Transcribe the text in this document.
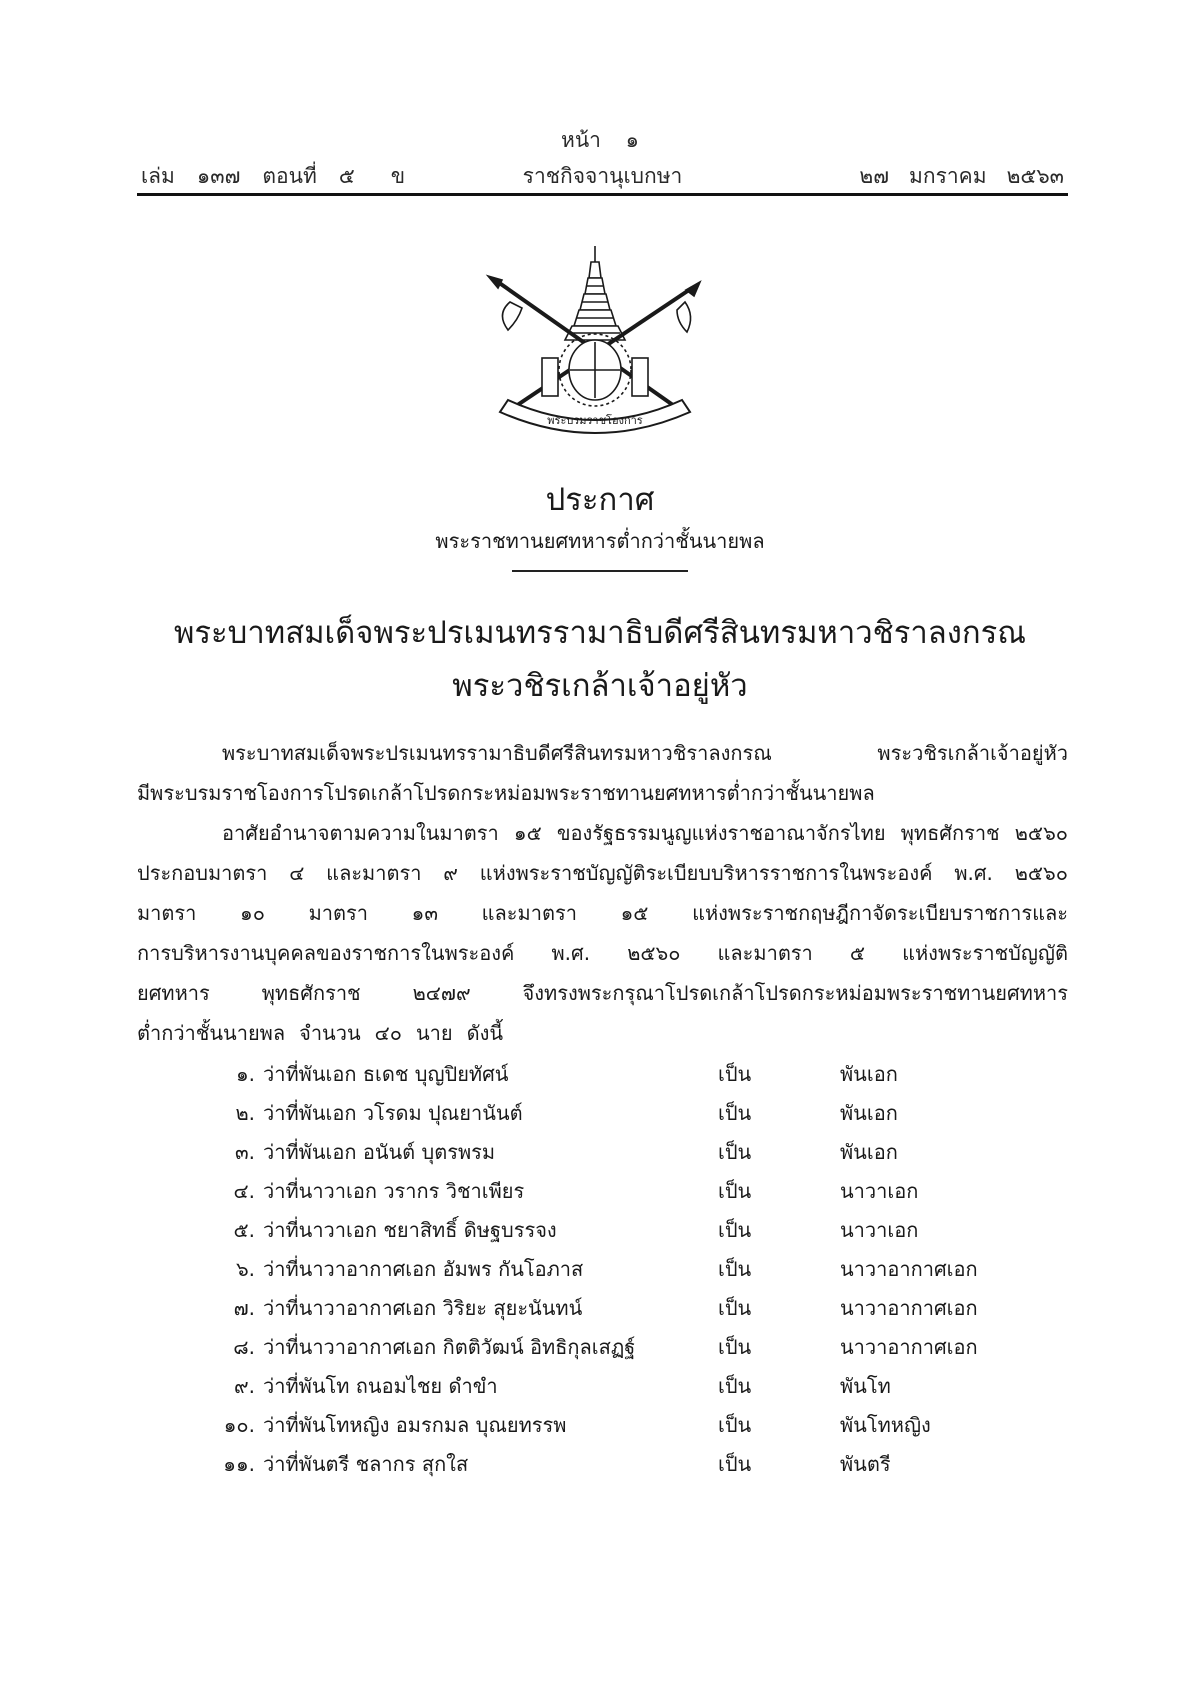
หน้า ๑
เล่ม ๑๓๗ ตอนที่ ๕ ข	ราชกิจจานุเบกษา	๒๗ มกราคม ๒๕๖๓
พระบรมราชโองการ
ประกาศ
พระราชทานยศทหารต่ำกว่าชั้นนายพล
พระบาทสมเด็จพระปรเมนทรรามาธิบดีศรีสินทรมหาวชิราลงกรณ
พระวชิรเกล้าเจ้าอยู่หัว
พระบาทสมเด็จพระปรเมนทรรามาธิบดีศรีสินทรมหาวชิราลงกรณ	พระวชิรเกล้าเจ้าอยู่หัว
มีพระบรมราชโองการโปรดเกล้าโปรดกระหม่อมพระราชทานยศทหารต่ำกว่าชั้นนายพล
อาศัยอำนาจตามความในมาตรา ๑๕ ของรัฐธรรมนูญแห่งราชอาณาจักรไทย พุทธศักราช ๒๕๖๐
ประกอบมาตรา ๔ และมาตรา ๙ แห่งพระราชบัญญัติระเบียบบริหารราชการในพระองค์ พ.ศ. ๒๕๖๐
มาตรา ๑๐ มาตรา ๑๓ และมาตรา ๑๕ แห่งพระราชกฤษฎีกาจัดระเบียบราชการและ
การบริหารงานบุคคลของราชการในพระองค์ พ.ศ. ๒๕๖๐ และมาตรา ๕ แห่งพระราชบัญญัติ
ยศทหาร	พุทธศักราช	๒๔๗๙	จึงทรงพระกรุณาโปรดเกล้าโปรดกระหม่อมพระราชทานยศทหาร
ต่ำกว่าชั้นนายพล จำนวน ๔๐ นาย ดังนี้
๑. ว่าที่พันเอก ธเดช บุญปิยทัศน์	เป็น	พันเอก
๒. ว่าที่พันเอก วโรดม ปุณยานันต์	เป็น	พันเอก
๓. ว่าที่พันเอก อนันต์ บุตรพรม	เป็น	พันเอก
๔. ว่าที่นาวาเอก วรากร วิชาเพียร	เป็น	นาวาเอก
๕. ว่าที่นาวาเอก ชยาสิทธิ์ ดิษฐบรรจง	เป็น	นาวาเอก
๖. ว่าที่นาวาอากาศเอก อัมพร กันโอภาส	เป็น	นาวาอากาศเอก
๗. ว่าที่นาวาอากาศเอก วิริยะ สุยะนันทน์	เป็น	นาวาอากาศเอก
๘. ว่าที่นาวาอากาศเอก กิตติวัฒน์ อิทธิกุลเสฏฐ์	เป็น	นาวาอากาศเอก
๙. ว่าที่พันโท ถนอมไชย ดำขำ	เป็น	พันโท
๑๐. ว่าที่พันโทหญิง อมรกมล บุณยทรรพ	เป็น	พันโทหญิง
๑๑. ว่าที่พันตรี ชลากร สุกใส	เป็น	พันตรี
